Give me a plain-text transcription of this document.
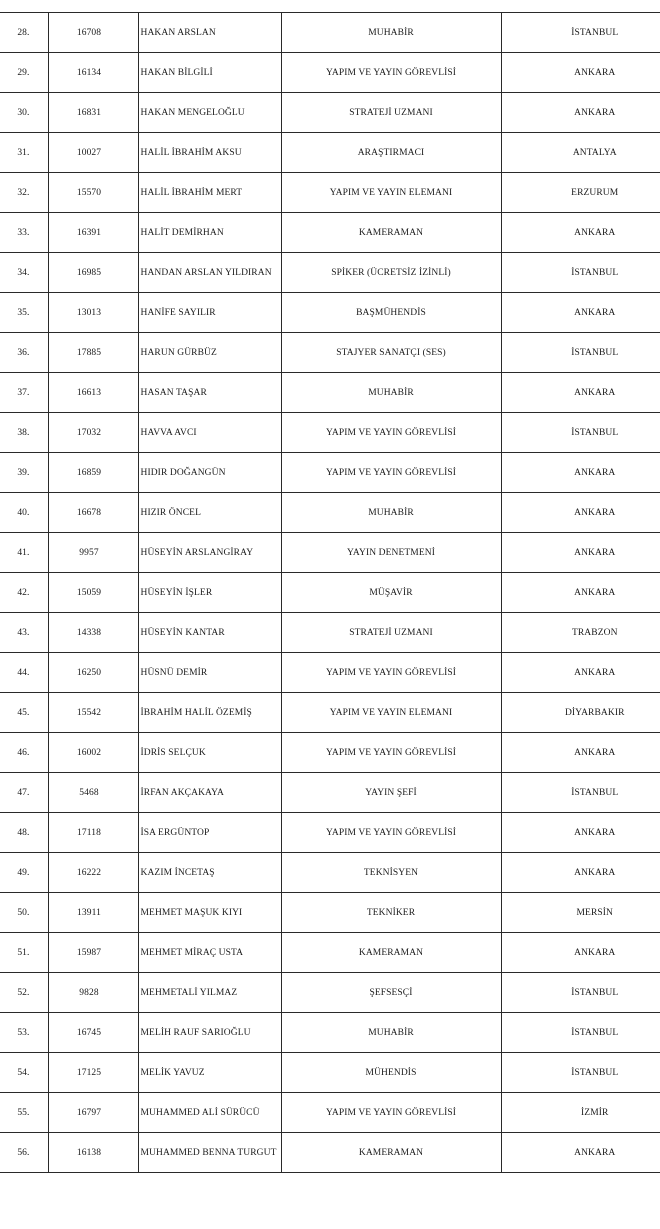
28.	16708	HAKAN ARSLAN	MUHABİR	İSTANBUL
29.	16134	HAKAN BİLGİLİ	YAPIM VE YAYIN GÖREVLİSİ	ANKARA
30.	16831	HAKAN MENGELOĞLU	STRATEJİ UZMANI	ANKARA
31.	10027	HALİL İBRAHİM AKSU	ARAŞTIRMACI	ANTALYA
32.	15570	HALİL İBRAHİM MERT	YAPIM VE YAYIN ELEMANI	ERZURUM
33.	16391	HALİT DEMİRHAN	KAMERAMAN	ANKARA
34.	16985	HANDAN ARSLAN YILDIRAN	SPİKER (ÜCRETSİZ İZİNLİ)	İSTANBUL
35.	13013	HANİFE SAYILIR	BAŞMÜHENDİS	ANKARA
36.	17885	HARUN GÜRBÜZ	STAJYER SANATÇI (SES)	İSTANBUL
37.	16613	HASAN TAŞAR	MUHABİR	ANKARA
38.	17032	HAVVA AVCI	YAPIM VE YAYIN GÖREVLİSİ	İSTANBUL
39.	16859	HIDIR DOĞANGÜN	YAPIM VE YAYIN GÖREVLİSİ	ANKARA
40.	16678	HIZIR ÖNCEL	MUHABİR	ANKARA
41.	9957	HÜSEYİN ARSLANGİRAY	YAYIN DENETMENİ	ANKARA
42.	15059	HÜSEYİN İŞLER	MÜŞAVİR	ANKARA
43.	14338	HÜSEYİN KANTAR	STRATEJİ UZMANI	TRABZON
44.	16250	HÜSNÜ DEMİR	YAPIM VE YAYIN GÖREVLİSİ	ANKARA
45.	15542	İBRAHİM HALİL ÖZEMİŞ	YAPIM VE YAYIN ELEMANI	DİYARBAKIR
46.	16002	İDRİS SELÇUK	YAPIM VE YAYIN GÖREVLİSİ	ANKARA
47.	5468	İRFAN AKÇAKAYA	YAYIN ŞEFİ	İSTANBUL
48.	17118	İSA ERGÜNTOP	YAPIM VE YAYIN GÖREVLİSİ	ANKARA
49.	16222	KAZIM İNCETAŞ	TEKNİSYEN	ANKARA
50.	13911	MEHMET MAŞUK KIYI	TEKNİKER	MERSİN
51.	15987	MEHMET MİRAÇ USTA	KAMERAMAN	ANKARA
52.	9828	MEHMETALİ YILMAZ	ŞEFSESÇİ	İSTANBUL
53.	16745	MELİH RAUF SARIOĞLU	MUHABİR	İSTANBUL
54.	17125	MELİK YAVUZ	MÜHENDİS	İSTANBUL
55.	16797	MUHAMMED ALİ SÜRÜCÜ	YAPIM VE YAYIN GÖREVLİSİ	İZMİR
56.	16138	MUHAMMED BENNA TURGUT	KAMERAMAN	ANKARA
